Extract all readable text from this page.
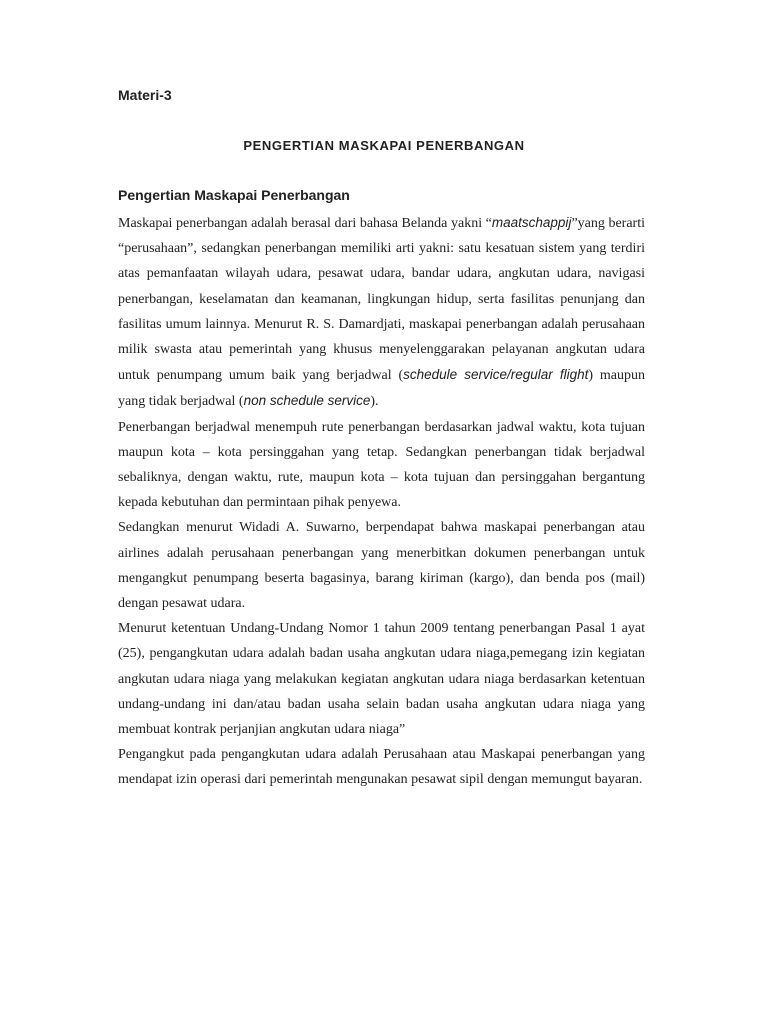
Materi-3
PENGERTIAN MASKAPAI PENERBANGAN
Pengertian Maskapai Penerbangan

Maskapai penerbangan adalah berasal dari bahasa Belanda yakni “maatschappij”yang berarti “perusahaan”, sedangkan penerbangan memiliki arti yakni: satu kesatuan sistem yang terdiri atas pemanfaatan wilayah udara, pesawat udara, bandar udara, angkutan udara, navigasi penerbangan, keselamatan dan keamanan, lingkungan hidup, serta fasilitas penunjang dan fasilitas umum lainnya. Menurut R. S. Damardjati, maskapai penerbangan adalah perusahaan milik swasta atau pemerintah yang khusus menyelenggarakan pelayanan angkutan udara untuk penumpang umum baik yang berjadwal (schedule service/regular flight) maupun yang tidak berjadwal (non schedule service).

Penerbangan berjadwal menempuh rute penerbangan berdasarkan jadwal waktu, kota tujuan maupun kota – kota persinggahan yang tetap. Sedangkan penerbangan tidak berjadwal sebaliknya, dengan waktu, rute, maupun kota – kota tujuan dan persinggahan bergantung kepada kebutuhan dan permintaan pihak penyewa.

Sedangkan menurut Widadi A. Suwarno, berpendapat bahwa maskapai penerbangan atau airlines adalah perusahaan penerbangan yang menerbitkan dokumen penerbangan untuk mengangkut penumpang beserta bagasinya, barang kiriman (kargo), dan benda pos (mail) dengan pesawat udara.

Menurut ketentuan Undang-Undang Nomor 1 tahun 2009 tentang penerbangan Pasal 1 ayat (25), pengangkutan udara adalah badan usaha angkutan udara niaga,pemegang izin kegiatan angkutan udara niaga yang melakukan kegiatan angkutan udara niaga berdasarkan ketentuan undang-undang ini dan/atau badan usaha selain badan usaha angkutan udara niaga yang membuat kontrak perjanjian angkutan udara niaga”

Pengangkut pada pengangkutan udara adalah Perusahaan atau Maskapai penerbangan yang mendapat izin operasi dari pemerintah mengunakan pesawat sipil dengan memungut bayaran.
